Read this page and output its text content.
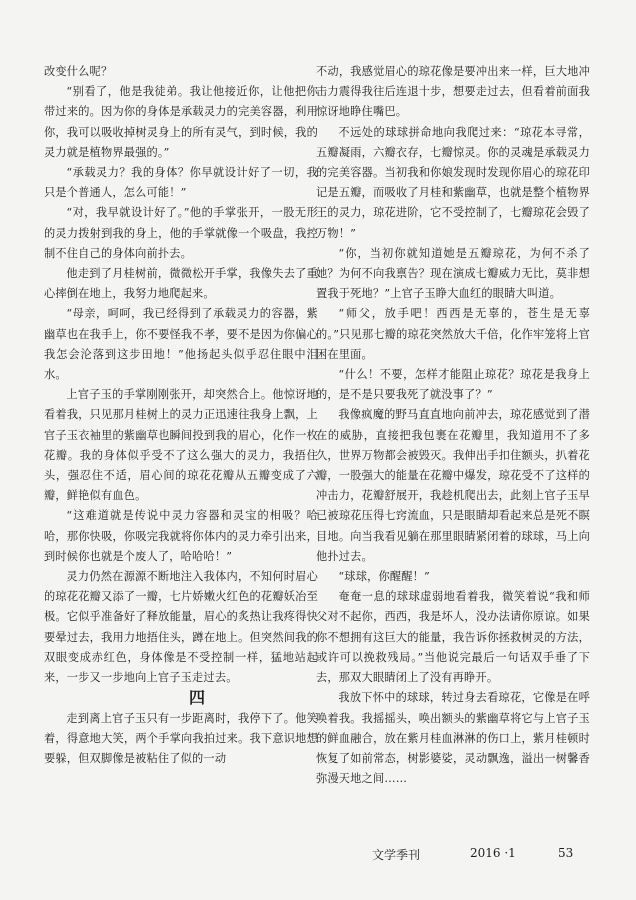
改变什么呢？

“别看了，他是我徒弟。我让他接近你，让他把你带过来的。因为你的身体是承载灵力的完美容器，利用你，我可以吸收掉树灵身上的所有灵气，到时候，我的灵力就是植物界最强的。”

“承载灵力？我的身体？你早就设计好了一切，我只是个普通人，怎么可能！”

“对，我早就设计好了。”他的手掌张开，一股无形的灵力拨射到我的身上，他的手掌就像一个吸盘，我控制不住自己的身体向前扑去。

他走到了月桂树前，微微松开手掌，我像失去了重心摔倒在地上，我努力地爬起来。

“母亲，呵呵，我已经得到了承载灵力的容器，紫幽草也在我手上，你不要怪我不孝，要不是因为你偏心我怎会沦落到这步田地！”他扬起头似乎忍住眼中泪水。

上官子玉的手掌刚刚张开，却突然合上。他惊讶地看着我，只见那月桂树上的灵力正迅速往我身上飘，上官子玉衣袖里的紫幽草也瞬间投到我的眉心，化作一枚花瓣。我的身体似乎受不了这么强大的灵力，我捂住头，强忍住不适，眉心间的琼花花瓣从五瓣变成了六瓣，鲜艳似有血色。

“这难道就是传说中灵力容器和灵宝的相吸？哈哈，那你快吸，你吸完我就将你体内的灵力牵引出来，到时候你也就是个废人了，哈哈哈！”

灵力仍然在源源不断地注入我体内，不知何时眉心的琼花花瓣又添了一瓣，七片娇嫩火红色的花瓣妖冶至极。它似乎准备好了释放能量，眉心的炙热让我疼得快要晕过去，我用力地捂住头，蹲在地上。但突然间我的双眼变成赤红色，身体像是不受控制一样，猛地站起来，一步又一步地向上官子玉走过去。

四

走到离上官子玉只有一步距离时，我停下了。他笑着，得意地大笑，两个手掌向我拍过来。我下意识地想要躲，但双脚像是被粘住了似的一动

不动，我感觉眉心的琼花像是要冲出来一样，巨大地冲击力震得我往后连退十步，想要走过去，但看着前面我惊讶地睁住嘴巴。

不远处的球球拼命地向我爬过来：“琼花本寻常，五瓣凝雨，六瓣衣存，七瓣惊灵。你的灵魂是承载灵力的完美容器。当初我和你娘发现时发现你眉心的琼花印记是五瓣，而吸收了月桂和紫幽草，也就是整个植物界王的灵力，琼花进阶，它不受控制了，七瓣琼花会毁了万物！”

“你，当初你就知道她是五瓣琼花，为何不杀了她？为何不向我禀告？现在演成七瓣威力无比，莫非想置我于死地？”上官子玉睁大血红的眼睛大叫道。

“师父，放手吧！西西是无辜的，苍生是无辜的。”只见那七瓣的琼花突然放大千倍，化作牢笼将上官困在里面。

“什么！不要，怎样才能阻止琼花？琼花是我身上的，是不是只要我死了就没事了？”

我像疯魔的野马直直地向前冲去，琼花感觉到了潜在的威胁，直接把我包裹在花瓣里，我知道用不了多久，世界万物都会被毁灭。我伸出手扣住额头，扒着花瓣，一股强大的能量在花瓣中爆发，琼花受不了这样的冲击力，花瓣舒展开，我趁机爬出去，此刻上官子玉早已被琼花压得七窍流血，只是眼睛却看起来总是死不瞑目地。向当我看见躺在那里眼睛紧闭着的球球，马上向他扑过去。

“球球，你醒醒！”

奄奄一息的球球虚弱地看着我，微笑着说“我和师父对不起你，西西，我是坏人，没办法请你原谅。如果你不想拥有这巨大的能量，我告诉你拯救树灵的方法，或许可以挽救残局。”当他说完最后一句话双手垂了下去，那双大眼睛闭上了没有再睁开。

我放下怀中的球球，转过身去看琼花，它像是在呼唤着我。我摇摇头，唤出额头的紫幽草将它与上官子玉的鲜血融合，放在紫月桂血淋淋的伤口上，紫月桂顿时恢复了如前常态，树影婆娑，灵动飘逸，溢出一树馨香弥漫天地之间……

文学季刊	2016 ·1	53
